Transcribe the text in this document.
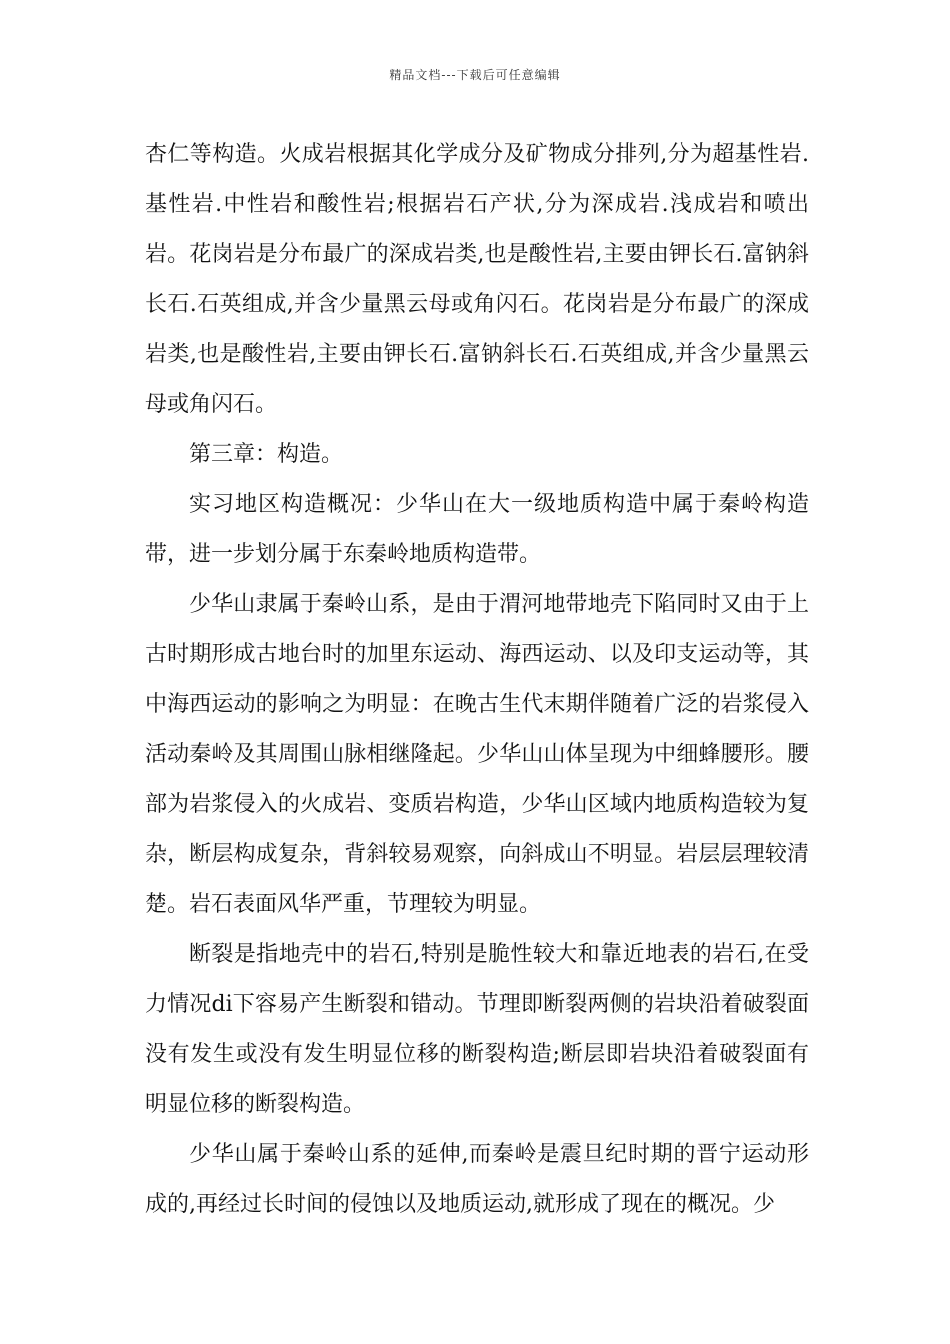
精品文档---下载后可任意编辑

杏仁等构造。火成岩根据其化学成分及矿物成分排列,分为超基性岩. 基性岩.中性岩和酸性岩;根据岩石产状,分为深成岩.浅成岩和喷出岩。花岗岩是分布最广的深成岩类,也是酸性岩,主要由钾长石.富钠斜长石.石英组成,并含少量黑云母或角闪石。花岗岩是分布最广的深成岩类,也是酸性岩,主要由钾长石.富钠斜长石.石英组成,并含少量黑云母或角闪石。

第三章：构造。

实习地区构造概况：少华山在大一级地质构造中属于秦岭构造带，进一步划分属于东秦岭地质构造带。

少华山隶属于秦岭山系，是由于渭河地带地壳下陷同时又由于上古时期形成古地台时的加里东运动、海西运动、以及印支运动等，其中海西运动的影响之为明显：在晚古生代末期伴随着广泛的岩浆侵入活动秦岭及其周围山脉相继隆起。少华山山体呈现为中细蜂腰形。腰部为岩浆侵入的火成岩、变质岩构造，少华山区域内地质构造较为复杂，断层构成复杂，背斜较易观察，向斜成山不明显。岩层层理较清楚。岩石表面风华严重，节理较为明显。

断裂是指地壳中的岩石,特别是脆性较大和靠近地表的岩石,在受力情况di下容易产生断裂和错动。节理即断裂两侧的岩块沿着破裂面没有发生或没有发生明显位移的断裂构造;断层即岩块沿着破裂面有明显位移的断裂构造。

少华山属于秦岭山系的延伸,而秦岭是震旦纪时期的晋宁运动形成的,再经过长时间的侵蚀以及地质运动,就形成了现在的概况。少
